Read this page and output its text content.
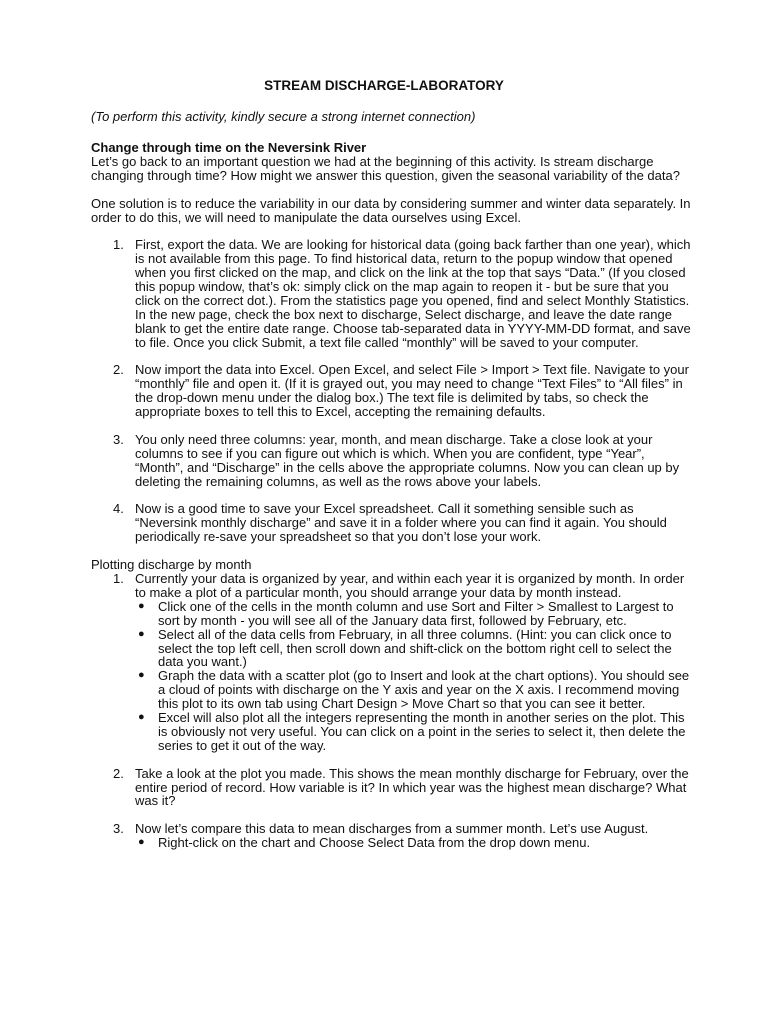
STREAM DISCHARGE-LABORATORY
(To perform this activity, kindly secure a strong internet connection)

Change through time on the Neversink River

Let’s go back to an important question we had at the beginning of this activity. Is stream discharge changing through time? How might we answer this question, given the seasonal variability of the data?

One solution is to reduce the variability in our data by considering summer and winter data separately. In order to do this, we will need to manipulate the data ourselves using Excel.

1. First, export the data. We are looking for historical data (going back farther than one year), which is not available from this page. To find historical data, return to the popup window that opened when you first clicked on the map, and click on the link at the top that says “Data.” (If you closed this popup window, that’s ok: simply click on the map again to reopen it - but be sure that you click on the correct dot.). From the statistics page you opened, find and select Monthly Statistics. In the new page, check the box next to discharge, Select discharge, and leave the date range blank to get the entire date range. Choose tab-separated data in YYYY-MM-DD format, and save to file. Once you click Submit, a text file called “monthly” will be saved to your computer.
2. Now import the data into Excel. Open Excel, and select File > Import > Text file. Navigate to your “monthly” file and open it. (If it is grayed out, you may need to change “Text Files” to “All files” in the drop-down menu under the dialog box.) The text file is delimited by tabs, so check the appropriate boxes to tell this to Excel, accepting the remaining defaults.
3. You only need three columns: year, month, and mean discharge. Take a close look at your columns to see if you can figure out which is which. When you are confident, type “Year”, “Month”, and “Discharge” in the cells above the appropriate columns. Now you can clean up by deleting the remaining columns, as well as the rows above your labels.
4. Now is a good time to save your Excel spreadsheet. Call it something sensible such as “Neversink monthly discharge” and save it in a folder where you can find it again. You should periodically re-save your spreadsheet so that you don’t lose your work.

Plotting discharge by month

1. Currently your data is organized by year, and within each year it is organized by month. In order to make a plot of a particular month, you should arrange your data by month instead.
● Click one of the cells in the month column and use Sort and Filter > Smallest to Largest to sort by month - you will see all of the January data first, followed by February, etc.
● Select all of the data cells from February, in all three columns. (Hint: you can click once to select the top left cell, then scroll down and shift-click on the bottom right cell to select the data you want.)
● Graph the data with a scatter plot (go to Insert and look at the chart options). You should see a cloud of points with discharge on the Y axis and year on the X axis. I recommend moving this plot to its own tab using Chart Design > Move Chart so that you can see it better.
● Excel will also plot all the integers representing the month in another series on the plot. This is obviously not very useful. You can click on a point in the series to select it, then delete the series to get it out of the way.
2. Take a look at the plot you made. This shows the mean monthly discharge for February, over the entire period of record. How variable is it? In which year was the highest mean discharge? What was it?
3. Now let’s compare this data to mean discharges from a summer month. Let’s use August.
● Right-click on the chart and Choose Select Data from the drop down menu.
